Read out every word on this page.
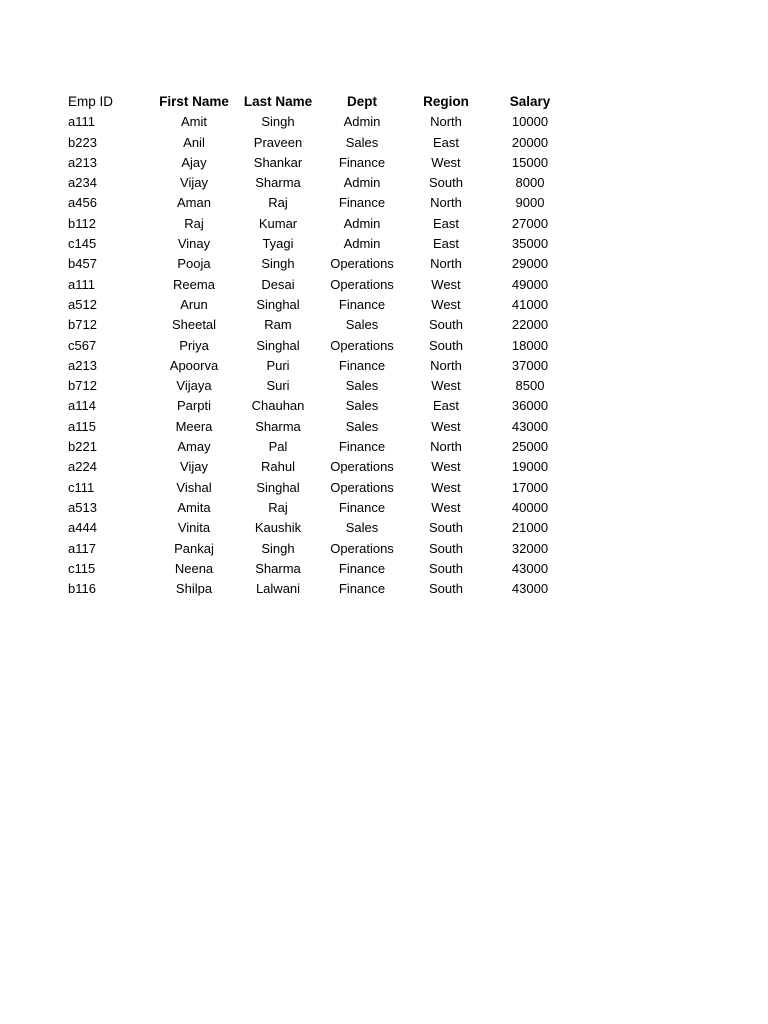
Emp ID	First Name	Last Name	Dept	Region	Salary
a111	Amit	Singh	Admin	North	10000
b223	Anil	Praveen	Sales	East	20000
a213	Ajay	Shankar	Finance	West	15000
a234	Vijay	Sharma	Admin	South	8000
a456	Aman	Raj	Finance	North	9000
b112	Raj	Kumar	Admin	East	27000
c145	Vinay	Tyagi	Admin	East	35000
b457	Pooja	Singh	Operations	North	29000
a111	Reema	Desai	Operations	West	49000
a512	Arun	Singhal	Finance	West	41000
b712	Sheetal	Ram	Sales	South	22000
c567	Priya	Singhal	Operations	South	18000
a213	Apoorva	Puri	Finance	North	37000
b712	Vijaya	Suri	Sales	West	8500
a114	Parpti	Chauhan	Sales	East	36000
a115	Meera	Sharma	Sales	West	43000
b221	Amay	Pal	Finance	North	25000
a224	Vijay	Rahul	Operations	West	19000
c111	Vishal	Singhal	Operations	West	17000
a513	Amita	Raj	Finance	West	40000
a444	Vinita	Kaushik	Sales	South	21000
a117	Pankaj	Singh	Operations	South	32000
c115	Neena	Sharma	Finance	South	43000
b116	Shilpa	Lalwani	Finance	South	43000
